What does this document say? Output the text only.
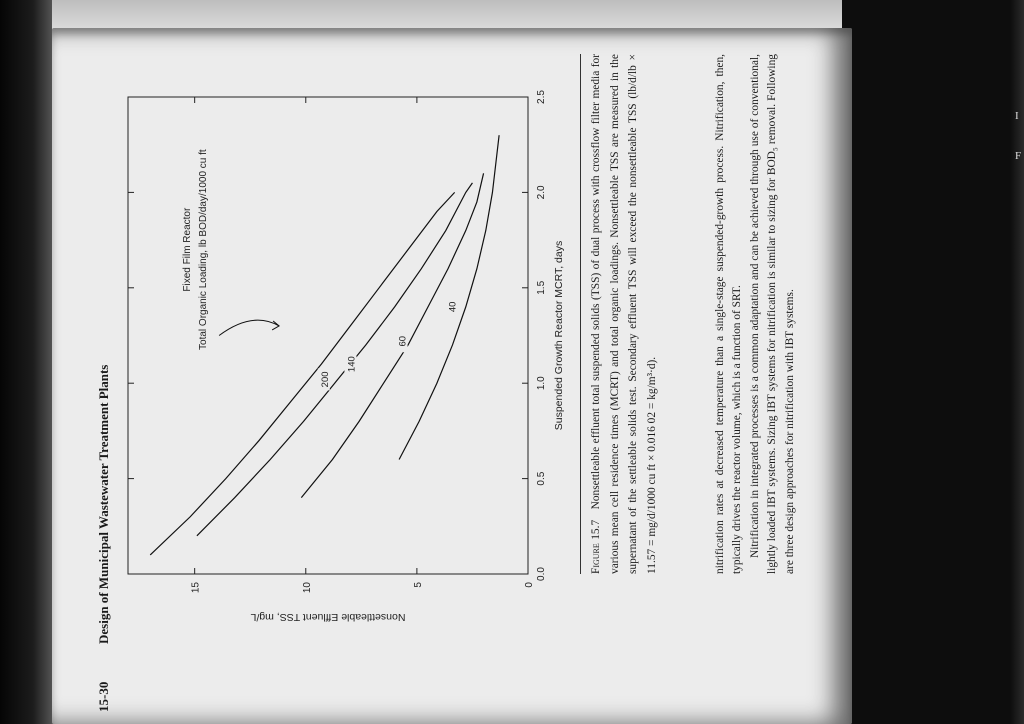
I
F
15-30
Design of Municipal Wastewater Treatment Plants	0.0
0.5
1.0
1.5
2.0
2.5
0
5
10
15
Suspended Growth Reactor MCRT, days
Nonsettleable Effluent TSS, mg/L
200
140
60
40
Fixed Film Reactor Total Organic Loading, lb BOD/day/1000 cu ft
Figure 15.7   Nonsettleable effluent total suspended solids (TSS) of dual process with crossflow filter media for various mean cell residence times (MCRT) and total organic loadings. Nonsettleable TSS are measured in the supernatant of the settleable solids test. Secondary effluent TSS will exceed the nonsettleable TSS (lb/d/lb × 11.57 = mg/d/1000 cu ft × 0.016 02 = kg/m³·d).	nitrification rates at decreased temperature than a single-stage suspended-growth process. Nitrification, then, typically drives the reactor volume, which is a function of SRT. Nitrification in integrated processes is a common adaptation and can be achieved through use of conventional, lightly loaded IBT systems. Sizing IBT systems for nitrification is similar to sizing for BOD₅ removal. Following are three design approaches for nitrification with IBT systems.
